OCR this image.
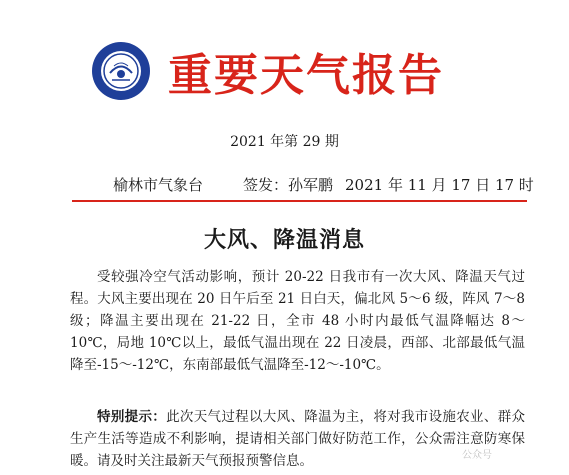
重要天气报告
2021 年第 29 期
榆林市气象台	签发：孙军鹏 2021 年 11 月 17 日 17 时
大风、降温消息
受较强冷空气活动影响，预计 20-22 日我市有一次大风、降温天气过程。大风主要出现在 20 日午后至 21 日白天，偏北风 5～6 级，阵风 7～8 级；降温主要出现在 21-22 日，全市 48 小时内最低气温降幅达 8～10℃，局地 10℃以上，最低气温出现在 22 日凌晨，西部、北部最低气温降至-15～-12℃，东南部最低气温降至-12～-10℃。
特别提示：此次天气过程以大风、降温为主，将对我市设施农业、群众生产生活等造成不利影响，提请相关部门做好防范工作，公众需注意防寒保暖。请及时关注最新天气预报预警信息。	公众号
